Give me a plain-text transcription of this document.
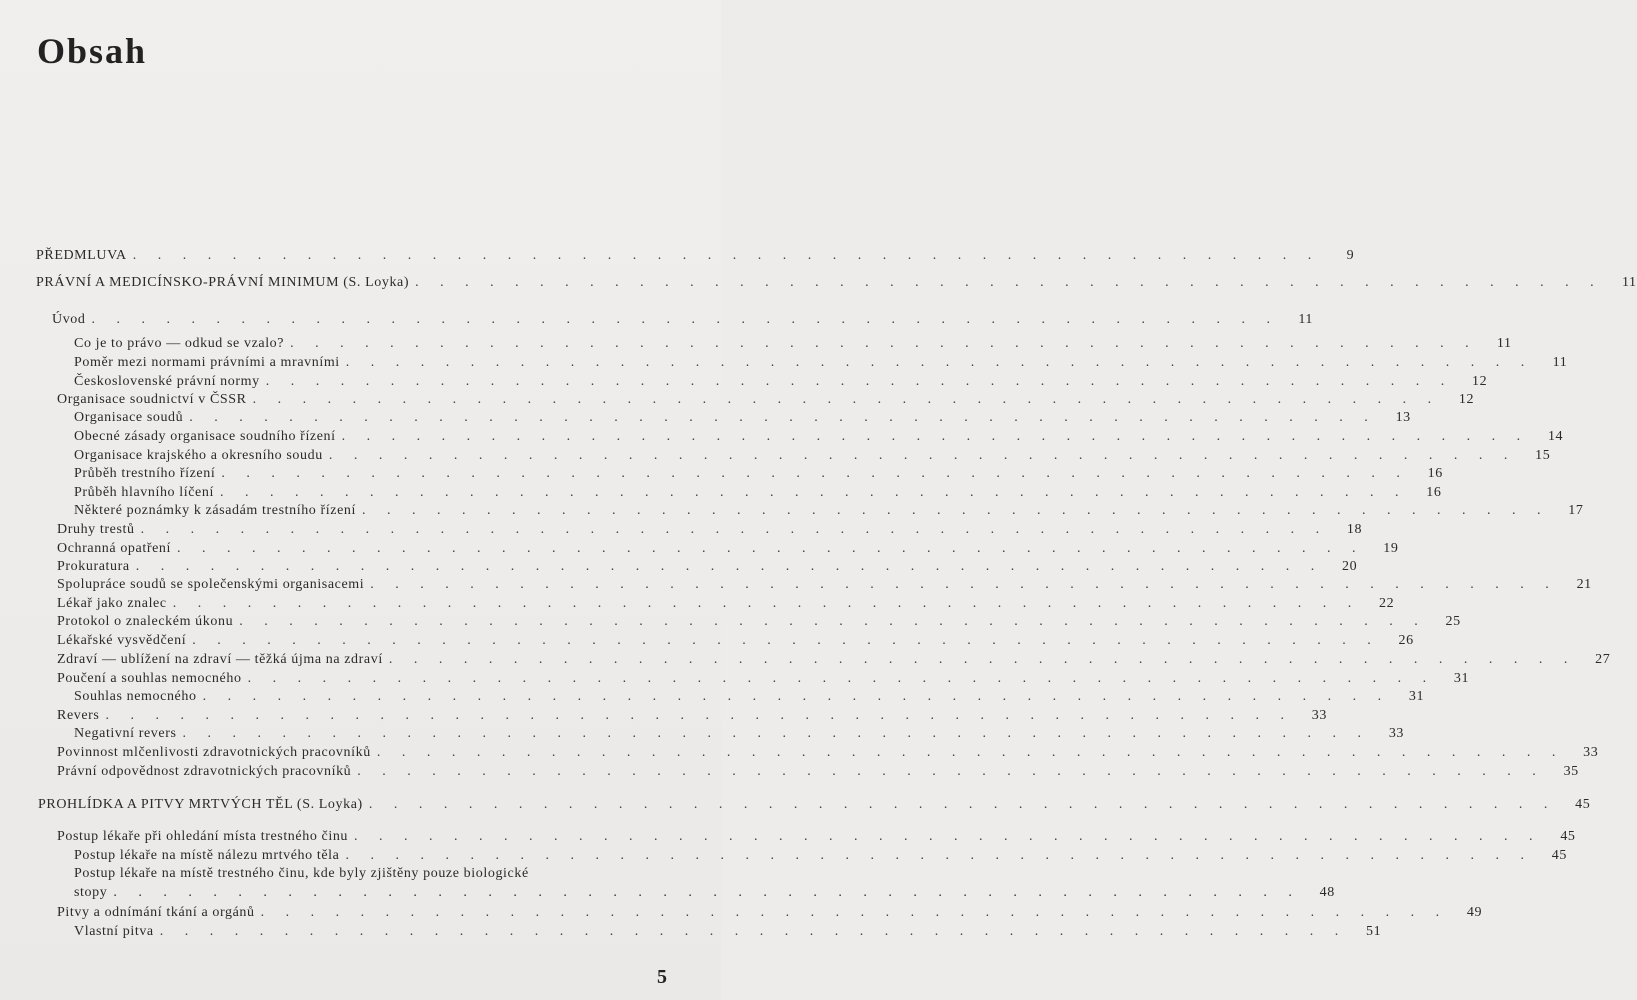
Obsah
PŘEDMLUVA . . . . . . . . . . . . . . . . . . . . . . . . . . . . . . . . . . . . . . . . . . . . . . . .	9
PRÁVNÍ A MEDICÍNSKO-PRÁVNÍ MINIMUM (S. Loyka) . . . . . . . . . . . . . . . . . . . . . . . . . . . . . . . . . . . . . . . . . . . . . . . .	11
Úvod . . . . . . . . . . . . . . . . . . . . . . . . . . . . . . . . . . . . . . . . . . . . . . . .	11
Co je to právo — odkud se vzalo? . . . . . . . . . . . . . . . . . . . . . . . . . . . . . . . . . . . . . . . . . . . . . . . .	11
Poměr mezi normami právními a mravními . . . . . . . . . . . . . . . . . . . . . . . . . . . . . . . . . . . . . . . . . . . . . . . .	11
Československé právní normy . . . . . . . . . . . . . . . . . . . . . . . . . . . . . . . . . . . . . . . . . . . . . . . .	12
Organisace soudnictví v ČSSR . . . . . . . . . . . . . . . . . . . . . . . . . . . . . . . . . . . . . . . . . . . . . . . .	12
Organisace soudů . . . . . . . . . . . . . . . . . . . . . . . . . . . . . . . . . . . . . . . . . . . . . . . .	13
Obecné zásady organisace soudního řízení . . . . . . . . . . . . . . . . . . . . . . . . . . . . . . . . . . . . . . . . . . . . . . . .	14
Organisace krajského a okresního soudu . . . . . . . . . . . . . . . . . . . . . . . . . . . . . . . . . . . . . . . . . . . . . . . .	15
Průběh trestního řízení . . . . . . . . . . . . . . . . . . . . . . . . . . . . . . . . . . . . . . . . . . . . . . . .	16
Průběh hlavního líčení . . . . . . . . . . . . . . . . . . . . . . . . . . . . . . . . . . . . . . . . . . . . . . . .	16
Některé poznámky k zásadám trestního řízení . . . . . . . . . . . . . . . . . . . . . . . . . . . . . . . . . . . . . . . . . . . . . . . .	17
Druhy trestů . . . . . . . . . . . . . . . . . . . . . . . . . . . . . . . . . . . . . . . . . . . . . . . .	18
Ochranná opatření . . . . . . . . . . . . . . . . . . . . . . . . . . . . . . . . . . . . . . . . . . . . . . . .	19
Prokuratura . . . . . . . . . . . . . . . . . . . . . . . . . . . . . . . . . . . . . . . . . . . . . . . .	20
Spolupráce soudů se společenskými organisacemi . . . . . . . . . . . . . . . . . . . . . . . . . . . . . . . . . . . . . . . . . . . . . . . .	21
Lékař jako znalec . . . . . . . . . . . . . . . . . . . . . . . . . . . . . . . . . . . . . . . . . . . . . . . .	22
Protokol o znaleckém úkonu . . . . . . . . . . . . . . . . . . . . . . . . . . . . . . . . . . . . . . . . . . . . . . . .	25
Lékařské vysvědčení . . . . . . . . . . . . . . . . . . . . . . . . . . . . . . . . . . . . . . . . . . . . . . . .	26
Zdraví — ublížení na zdraví — těžká újma na zdraví . . . . . . . . . . . . . . . . . . . . . . . . . . . . . . . . . . . . . . . . . . . . . . . .	27
Poučení a souhlas nemocného . . . . . . . . . . . . . . . . . . . . . . . . . . . . . . . . . . . . . . . . . . . . . . . .	31
Souhlas nemocného . . . . . . . . . . . . . . . . . . . . . . . . . . . . . . . . . . . . . . . . . . . . . . . .	31
Revers . . . . . . . . . . . . . . . . . . . . . . . . . . . . . . . . . . . . . . . . . . . . . . . .	33
Negativní revers . . . . . . . . . . . . . . . . . . . . . . . . . . . . . . . . . . . . . . . . . . . . . . . .	33
Povinnost mlčenlivosti zdravotnických pracovníků . . . . . . . . . . . . . . . . . . . . . . . . . . . . . . . . . . . . . . . . . . . . . . . .	33
Právní odpovědnost zdravotnických pracovníků . . . . . . . . . . . . . . . . . . . . . . . . . . . . . . . . . . . . . . . . . . . . . . . .	35
PROHLÍDKA A PITVY MRTVÝCH TĚL (S. Loyka) . . . . . . . . . . . . . . . . . . . . . . . . . . . . . . . . . . . . . . . . . . . . . . . .	45
Postup lékaře při ohledání místa trestného činu . . . . . . . . . . . . . . . . . . . . . . . . . . . . . . . . . . . . . . . . . . . . . . . .	45
Postup lékaře na místě nálezu mrtvého těla . . . . . . . . . . . . . . . . . . . . . . . . . . . . . . . . . . . . . . . . . . . . . . . .	45
Postup lékaře na místě trestného činu, kde byly zjištěny pouze biologické
stopy . . . . . . . . . . . . . . . . . . . . . . . . . . . . . . . . . . . . . . . . . . . . . . . .	48
Pitvy a odnímání tkání a orgánů . . . . . . . . . . . . . . . . . . . . . . . . . . . . . . . . . . . . . . . . . . . . . . . .	49
Vlastní pitva . . . . . . . . . . . . . . . . . . . . . . . . . . . . . . . . . . . . . . . . . . . . . . . .	51
5
